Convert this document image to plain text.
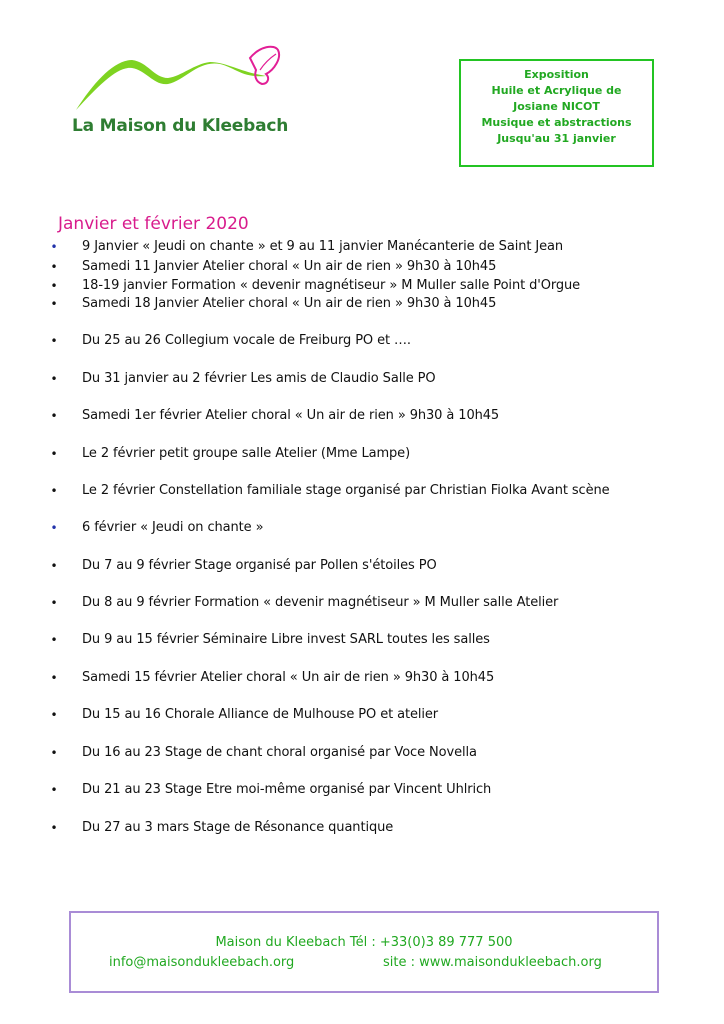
La Maison du Kleebach
Exposition
Huile et Acrylique de
Josiane NICOT
Musique et abstractions
Jusqu'au 31 janvier
Janvier et février 2020
• 9 Janvier « Jeudi on chante » et 9 au 11 janvier Manécanterie de Saint Jean
• Samedi 11 Janvier Atelier choral « Un air de rien » 9h30 à 10h45
• 18-19 janvier Formation « devenir magnétiseur » M Muller salle Point d'Orgue
• Samedi 18 Janvier Atelier choral « Un air de rien » 9h30 à 10h45
• Du 25 au 26 Collegium vocale de Freiburg PO et ….
• Du 31 janvier au 2 février Les amis de Claudio Salle PO
• Samedi 1er février Atelier choral « Un air de rien » 9h30 à 10h45
• Le 2 février petit groupe salle Atelier (Mme Lampe)
• Le 2 février Constellation familiale stage organisé par Christian Fiolka Avant scène
• 6 février « Jeudi on chante »
• Du 7 au 9 février Stage organisé par Pollen s'étoiles PO
• Du 8 au 9 février Formation « devenir magnétiseur » M Muller salle Atelier
• Du 9 au 15 février Séminaire Libre invest SARL toutes les salles
• Samedi 15 février Atelier choral « Un air de rien » 9h30 à 10h45
• Du 15 au 16 Chorale Alliance de Mulhouse PO et atelier
• Du 16 au 23 Stage de chant choral organisé par Voce Novella
• Du 21 au 23 Stage Etre moi-même organisé par Vincent Uhlrich
• Du 27 au 3 mars Stage de Résonance quantique
Maison du Kleebach Tél : +33(0)3 89 777 500
info@maisondukleebach.org	site : www.maisondukleebach.org
